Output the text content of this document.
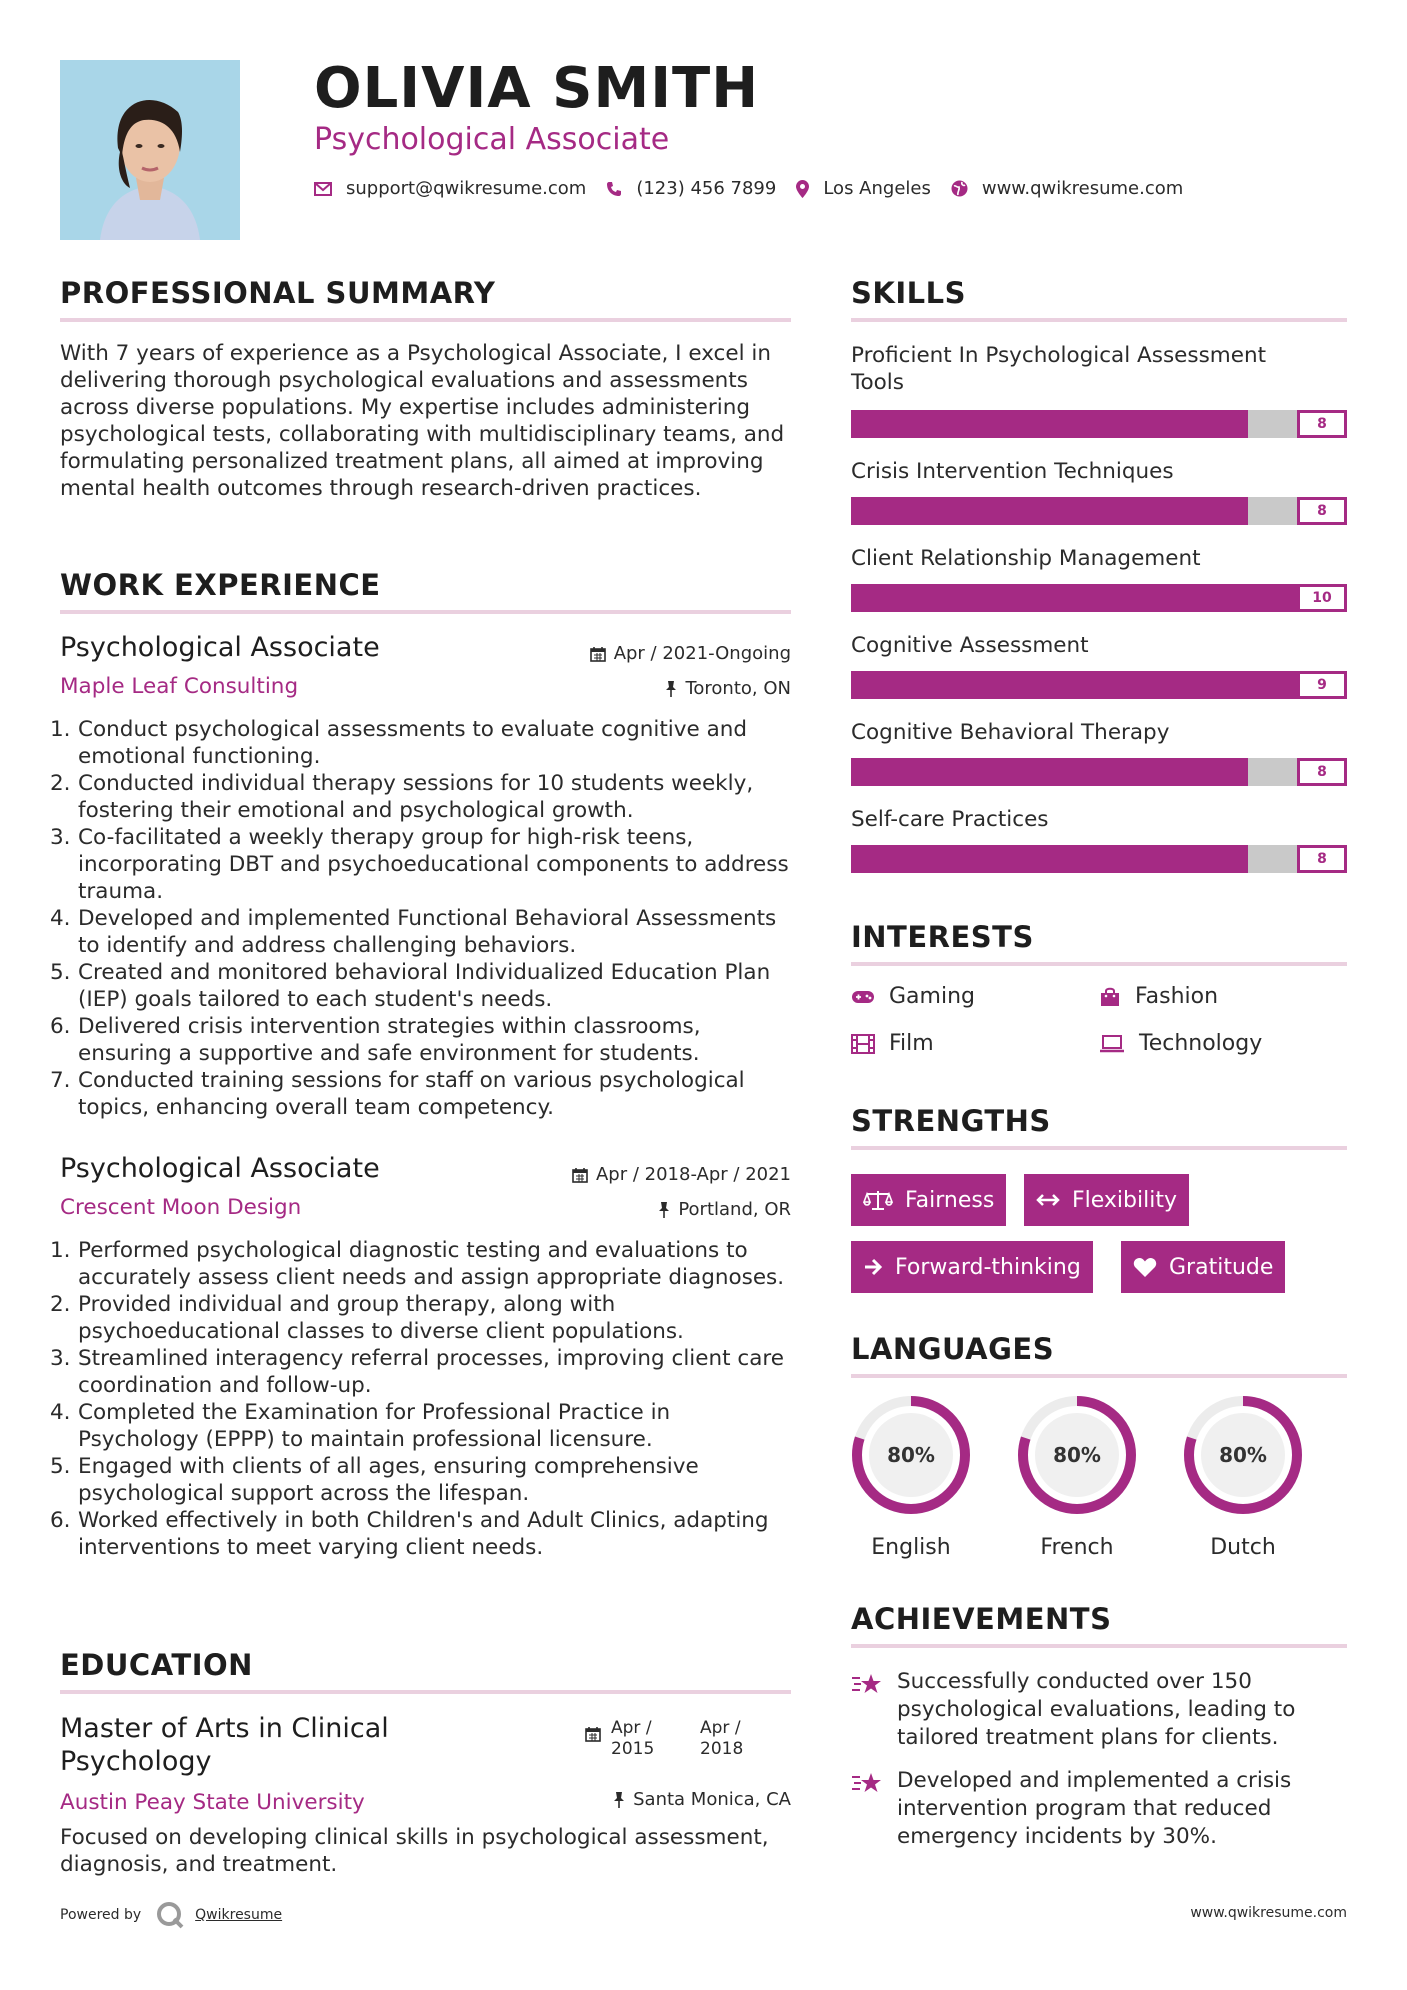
OLIVIA SMITH
Psychological Associate
support@qwikresume.com	(123) 456 7899	Los Angeles	www.qwikresume.com
PROFESSIONAL SUMMARY
With 7 years of experience as a Psychological Associate, I excel in delivering thorough psychological evaluations and assessments across diverse populations. My expertise includes administering psychological tests, collaborating with multidisciplinary teams, and formulating personalized treatment plans, all aimed at improving mental health outcomes through research-driven practices.
WORK EXPERIENCE
Psychological Associate
Maple Leaf Consulting
Apr / 2021-Ongoing
Toronto, ON
1. Conduct psychological assessments to evaluate cognitive and emotional functioning.
2. Conducted individual therapy sessions for 10 students weekly, fostering their emotional and psychological growth.
3. Co-facilitated a weekly therapy group for high-risk teens, incorporating DBT and psychoeducational components to address trauma.
4. Developed and implemented Functional Behavioral Assessments to identify and address challenging behaviors.
5. Created and monitored behavioral Individualized Education Plan (IEP) goals tailored to each student's needs.
6. Delivered crisis intervention strategies within classrooms, ensuring a supportive and safe environment for students.
7. Conducted training sessions for staff on various psychological topics, enhancing overall team competency.
Psychological Associate
Crescent Moon Design
Apr / 2018-Apr / 2021
Portland, OR
1. Performed psychological diagnostic testing and evaluations to accurately assess client needs and assign appropriate diagnoses.
2. Provided individual and group therapy, along with psychoeducational classes to diverse client populations.
3. Streamlined interagency referral processes, improving client care coordination and follow-up.
4. Completed the Examination for Professional Practice in Psychology (EPPP) to maintain professional licensure.
5. Engaged with clients of all ages, ensuring comprehensive psychological support across the lifespan.
6. Worked effectively in both Children's and Adult Clinics, adapting interventions to meet varying client needs.
EDUCATION
Master of Arts in Clinical
Psychology
Austin Peay State University
Apr /
2015
Apr /
2018
Santa Monica, CA
Focused on developing clinical skills in psychological assessment, diagnosis, and treatment.
SKILLS
Proficient In Psychological Assessment Tools
8
Crisis Intervention Techniques
8
Client Relationship Management
10
Cognitive Assessment
9
Cognitive Behavioral Therapy
8
Self-care Practices
8
INTERESTS
Gaming	Fashion
Film	Technology
STRENGTHS
Fairness	Flexibility
Forward-thinking	Gratitude
LANGUAGES
80%
English
80%
French
80%
Dutch
ACHIEVEMENTS
Successfully conducted over 150 psychological evaluations, leading to tailored treatment plans for clients.
Developed and implemented a crisis intervention program that reduced emergency incidents by 30%.
Powered by	Qwikresume	www.qwikresume.com
